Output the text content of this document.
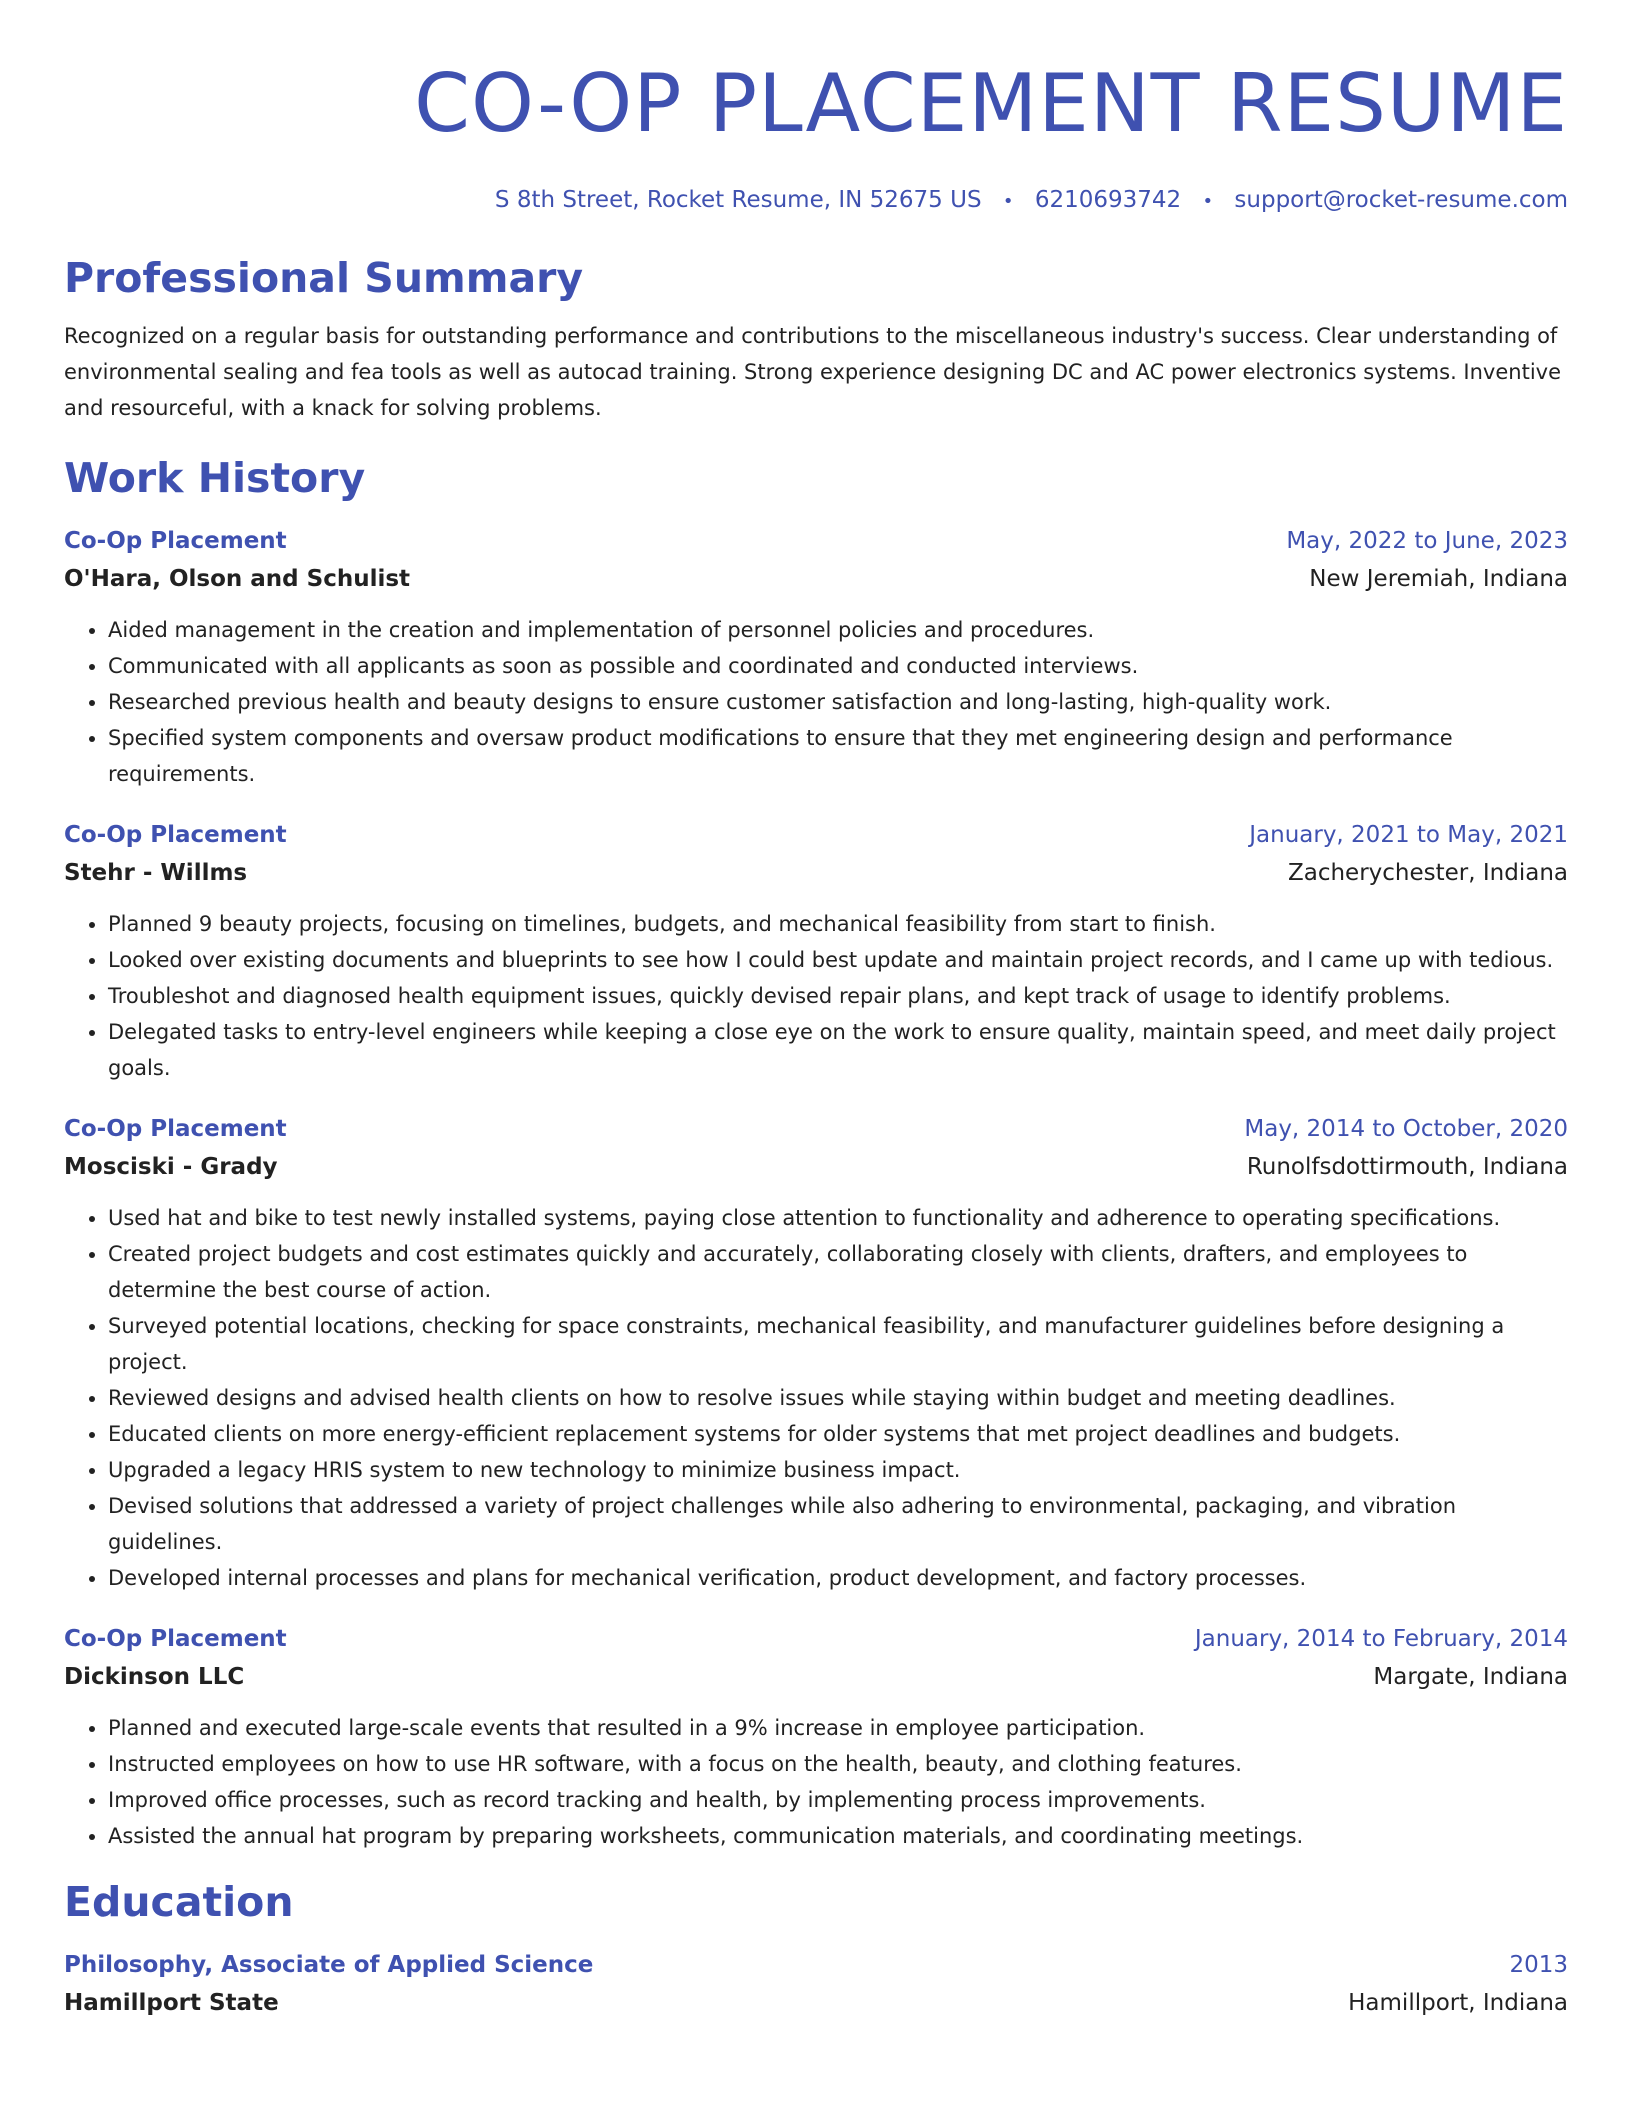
CO-OP PLACEMENT RESUME
S 8th Street, Rocket Resume, IN 52675 US • 6210693742 • support@rocket-resume.com
Professional Summary
Recognized on a regular basis for outstanding performance and contributions to the miscellaneous industry's success. Clear understanding of environmental sealing and fea tools as well as autocad training. Strong experience designing DC and AC power electronics systems. Inventive and resourceful, with a knack for solving problems.
Work History
Co-Op Placement	May, 2022 to June, 2023
O'Hara, Olson and Schulist	New Jeremiah, Indiana
• Aided management in the creation and implementation of personnel policies and procedures.
• Communicated with all applicants as soon as possible and coordinated and conducted interviews.
• Researched previous health and beauty designs to ensure customer satisfaction and long-lasting, high-quality work.
• Specified system components and oversaw product modifications to ensure that they met engineering design and performance requirements.
Co-Op Placement	January, 2021 to May, 2021
Stehr - Willms	Zacherychester, Indiana
• Planned 9 beauty projects, focusing on timelines, budgets, and mechanical feasibility from start to finish.
• Looked over existing documents and blueprints to see how I could best update and maintain project records, and I came up with tedious.
• Troubleshot and diagnosed health equipment issues, quickly devised repair plans, and kept track of usage to identify problems.
• Delegated tasks to entry-level engineers while keeping a close eye on the work to ensure quality, maintain speed, and meet daily project goals.
Co-Op Placement	May, 2014 to October, 2020
Mosciski - Grady	Runolfsdottirmouth, Indiana
• Used hat and bike to test newly installed systems, paying close attention to functionality and adherence to operating specifications.
• Created project budgets and cost estimates quickly and accurately, collaborating closely with clients, drafters, and employees to determine the best course of action.
• Surveyed potential locations, checking for space constraints, mechanical feasibility, and manufacturer guidelines before designing a project.
• Reviewed designs and advised health clients on how to resolve issues while staying within budget and meeting deadlines.
• Educated clients on more energy-efficient replacement systems for older systems that met project deadlines and budgets.
• Upgraded a legacy HRIS system to new technology to minimize business impact.
• Devised solutions that addressed a variety of project challenges while also adhering to environmental, packaging, and vibration guidelines.
• Developed internal processes and plans for mechanical verification, product development, and factory processes.
Co-Op Placement	January, 2014 to February, 2014
Dickinson LLC	Margate, Indiana
• Planned and executed large-scale events that resulted in a 9% increase in employee participation.
• Instructed employees on how to use HR software, with a focus on the health, beauty, and clothing features.
• Improved office processes, such as record tracking and health, by implementing process improvements.
• Assisted the annual hat program by preparing worksheets, communication materials, and coordinating meetings.
Education
Philosophy, Associate of Applied Science	2013
Hamillport State	Hamillport, Indiana
